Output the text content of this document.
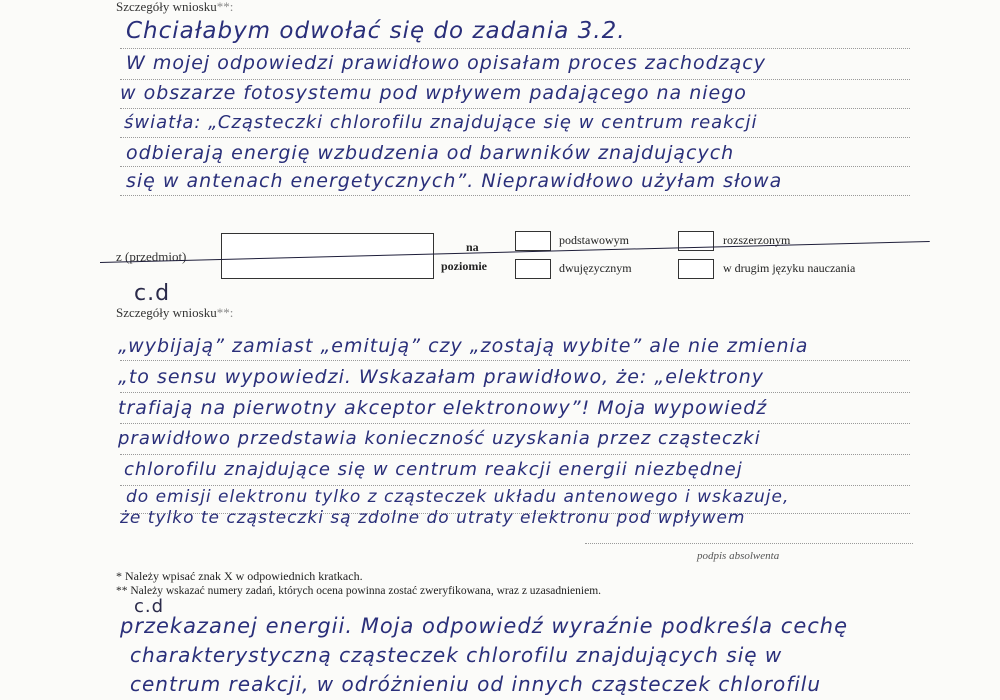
Szczegóły wniosku**:
Chciałabym odwołać się do zadania 3.2.
W mojej odpowiedzi prawidłowo opisałam proces zachodzący
w obszarze fotosystemu pod wpływem padającego na niego
światła: „Cząsteczki chlorofilu znajdujące się w centrum reakcji
odbierają energię wzbudzenia od barwników znajdujących
się w antenach energetycznych”. Nieprawidłowo użyłam słowa
z (przedmiot)
na
poziomie
podstawowym	rozszerzonym
dwujęzycznym	w drugim języku nauczania
c.d
Szczegóły wniosku**:
„wybijają” zamiast „emitują” czy „zostają wybite” ale nie zmienia
„to sensu wypowiedzi. Wskazałam prawidłowo, że: „elektrony
trafiają na pierwotny akceptor elektronowy”! Moja wypowiedź
prawidłowo przedstawia konieczność uzyskania przez cząsteczki
chlorofilu znajdujące się w centrum reakcji energii niezbędnej
do emisji elektronu tylko z cząsteczek układu antenowego i wskazuje,
że tylko te cząsteczki są zdolne do utraty elektronu pod wpływem
podpis absolwenta
* Należy wpisać znak X w odpowiednich kratkach.
** Należy wskazać numery zadań, których ocena powinna zostać zweryfikowana, wraz z uzasadnieniem.
c.d
przekazanej energii. Moja odpowiedź wyraźnie podkreśla cechę
charakterystyczną cząsteczek chlorofilu znajdujących się w
centrum reakcji, w odróżnieniu od innych cząsteczek chlorofilu
